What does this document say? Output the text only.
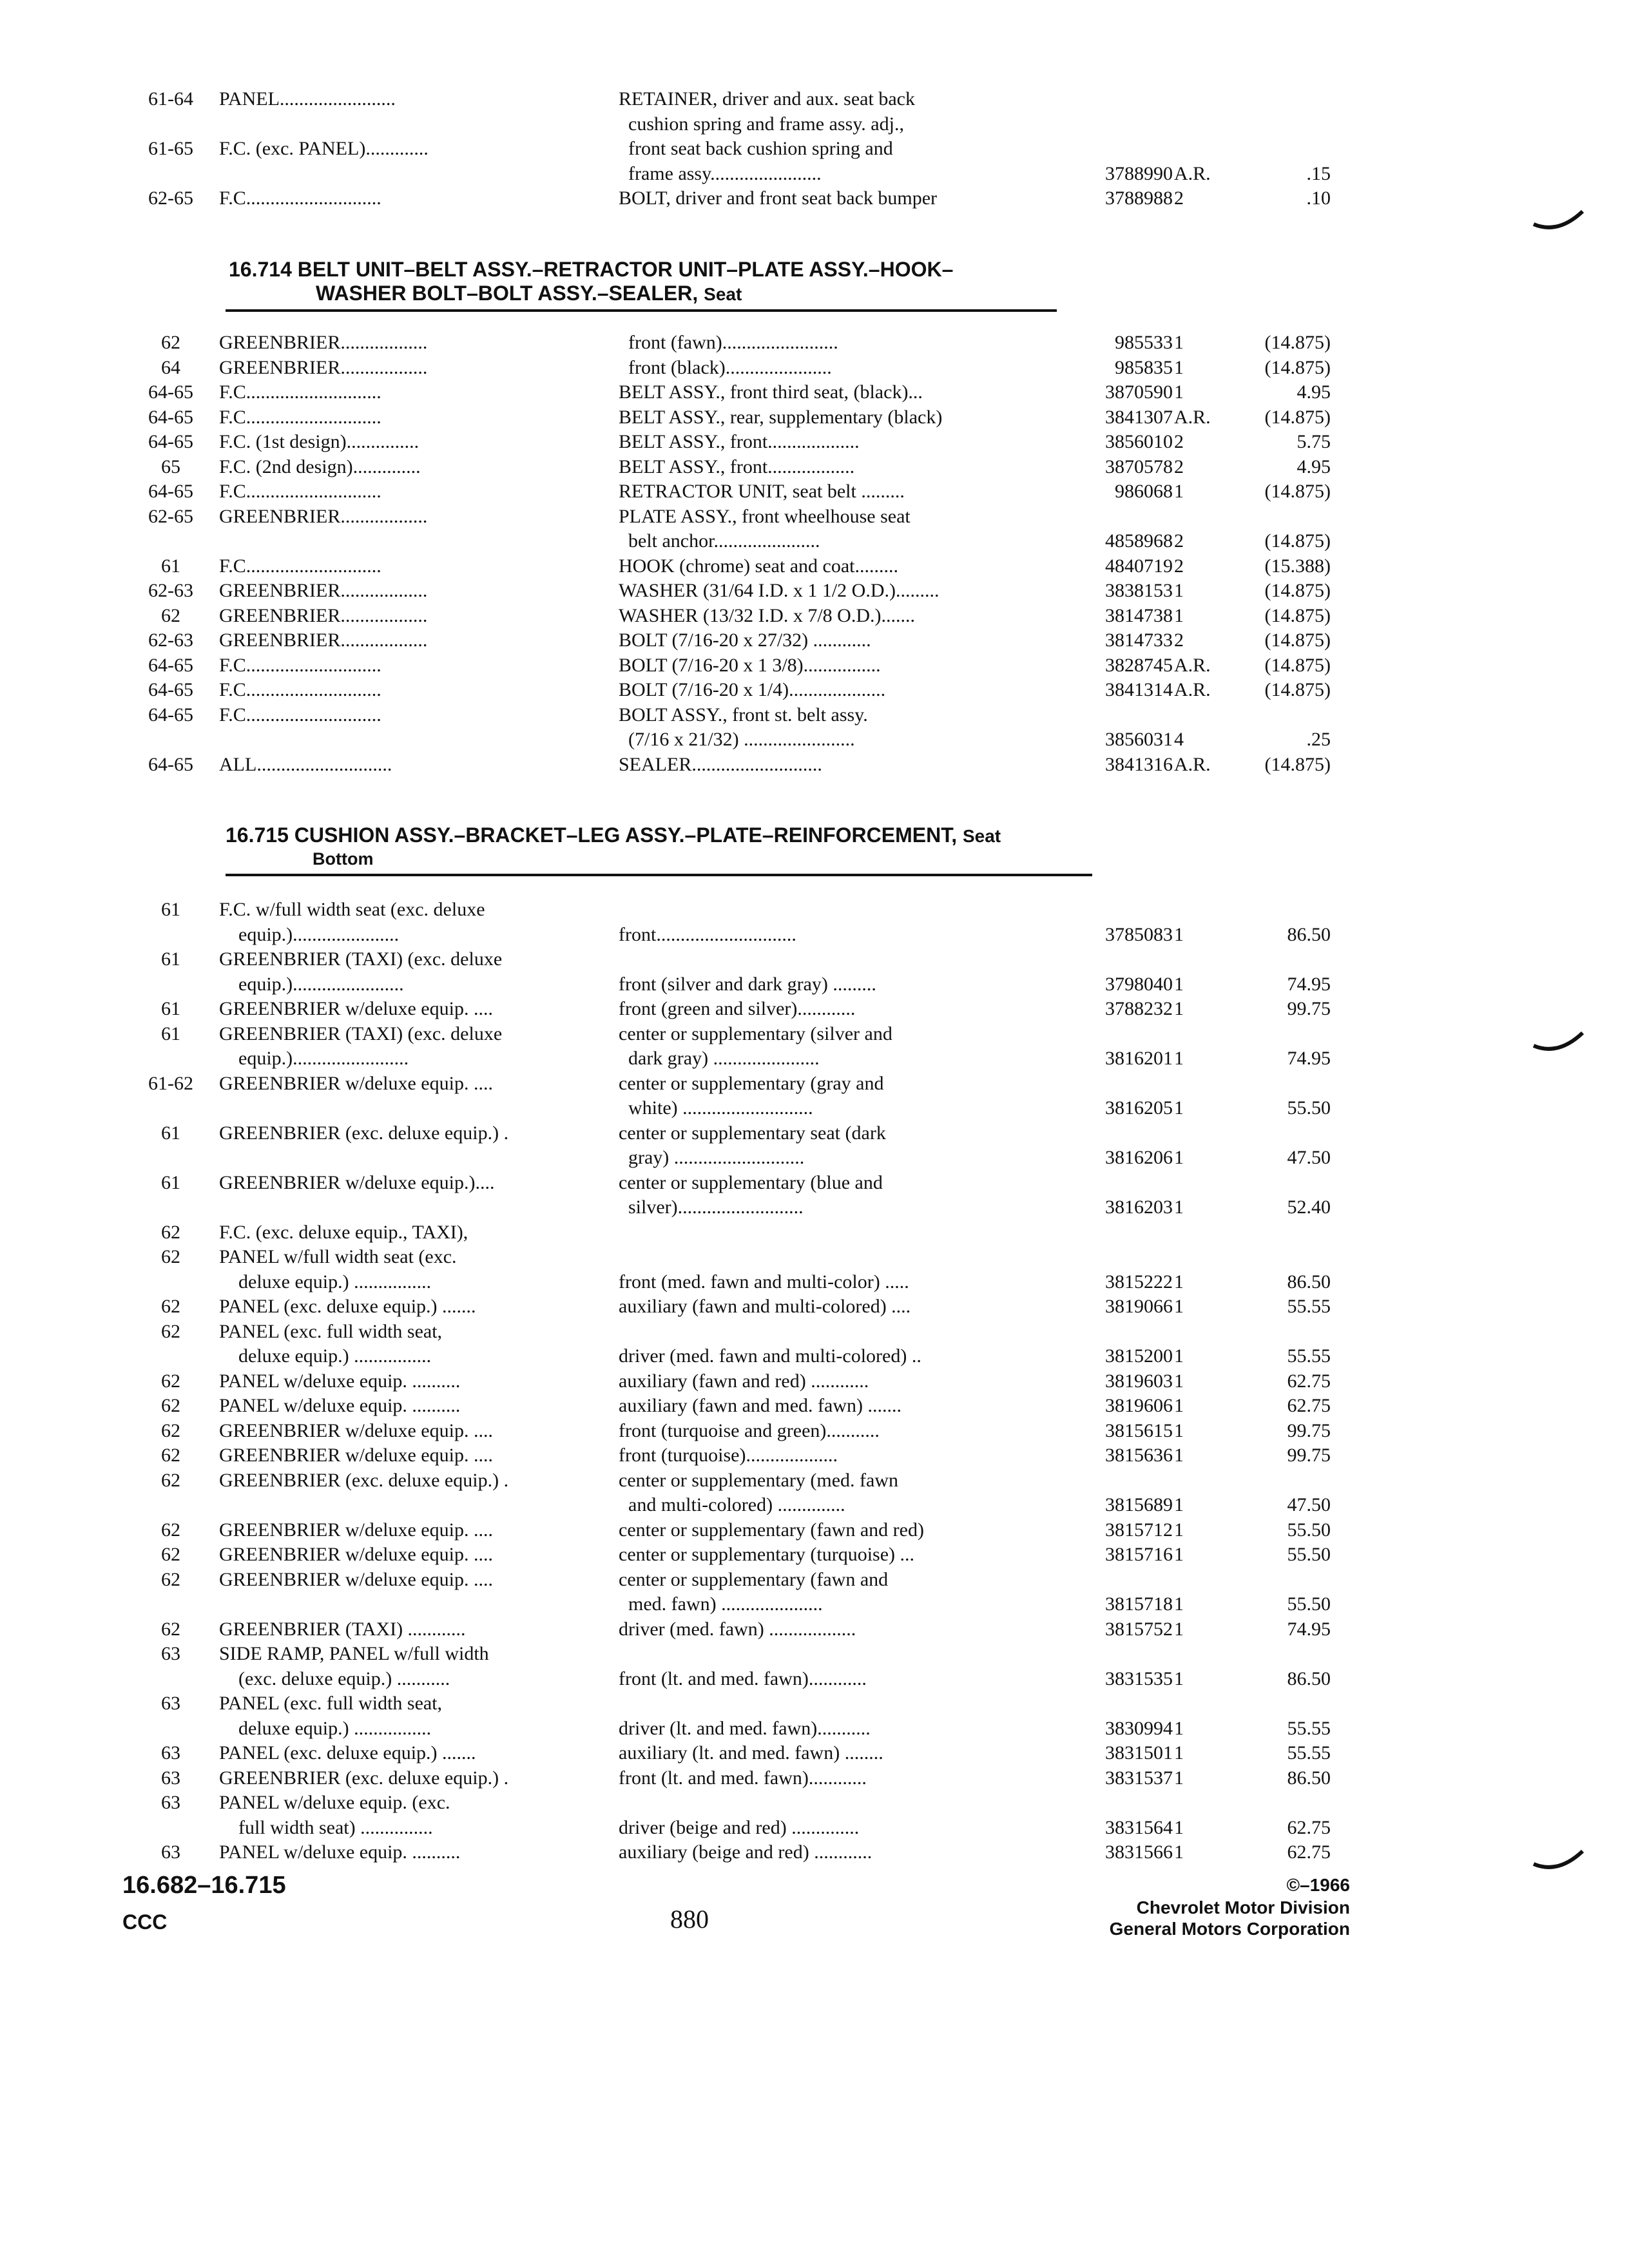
61-64	PANEL........................	RETAINER, driver and aux. seat back
cushion spring and frame assy. adj.,
61-65	F.C. (exc. PANEL).............	front seat back cushion spring and
frame assy.......................	3788990 A.R.	.15
62-65	F.C............................	BOLT, driver and front seat back bumper	3788988 2	.10
16.714 BELT UNIT–BELT ASSY.–RETRACTOR UNIT–PLATE ASSY.–HOOK–
WASHER BOLT–BOLT ASSY.–SEALER, Seat
62	GREENBRIER..................	front (fawn)........................	985533 1	(14.875)
64	GREENBRIER..................	front (black)......................	985835 1	(14.875)
64-65	F.C............................	BELT ASSY., front third seat, (black)...	3870590 1	4.95
64-65	F.C............................	BELT ASSY., rear, supplementary (black)	3841307 A.R.	(14.875)
64-65	F.C. (1st design)...............	BELT ASSY., front...................	3856010 2	5.75
65	F.C. (2nd design)..............	BELT ASSY., front..................	3870578 2	4.95
64-65	F.C............................	RETRACTOR UNIT, seat belt .........	986068 1	(14.875)
62-65	GREENBRIER..................	PLATE ASSY., front wheelhouse seat
belt anchor......................	4858968 2	(14.875)
61	F.C............................	HOOK (chrome) seat and coat.........	4840719 2	(15.388)
62-63	GREENBRIER..................	WASHER (31/64 I.D. x 1 1/2 O.D.).........	3838153 1	(14.875)
62	GREENBRIER..................	WASHER (13/32 I.D. x 7/8 O.D.).......	3814738 1	(14.875)
62-63	GREENBRIER..................	BOLT (7/16-20 x 27/32) ............	3814733 2	(14.875)
64-65	F.C............................	BOLT (7/16-20 x 1 3/8)................	3828745 A.R.	(14.875)
64-65	F.C............................	BOLT (7/16-20 x 1/4)....................	3841314 A.R.	(14.875)
64-65	F.C............................	BOLT ASSY., front st. belt assy.
(7/16 x 21/32) .......................	3856031 4	.25
64-65	ALL............................	SEALER...........................	3841316 A.R.	(14.875)
16.715 CUSHION ASSY.–BRACKET–LEG ASSY.–PLATE–REINFORCEMENT, Seat
Bottom
61	F.C. w/full width seat (exc. deluxe
equip.)......................	front.............................	3785083 1	86.50
61	GREENBRIER (TAXI) (exc. deluxe
equip.).......................	front (silver and dark gray) .........	3798040 1	74.95
61	GREENBRIER w/deluxe equip. ....	front (green and silver)............	3788232 1	99.75
61	GREENBRIER (TAXI) (exc. deluxe	center or supplementary (silver and
equip.)........................	dark gray) ......................	3816201 1	74.95
61-62	GREENBRIER w/deluxe equip. ....	center or supplementary (gray and
white) ...........................	3816205 1	55.50
61	GREENBRIER (exc. deluxe equip.) .	center or supplementary seat (dark
gray) ...........................	3816206 1	47.50
61	GREENBRIER w/deluxe equip.)....	center or supplementary (blue and
silver)..........................	3816203 1	52.40
62	F.C. (exc. deluxe equip., TAXI),
62	PANEL w/full width seat (exc.
deluxe equip.) ................	front (med. fawn and multi-color) .....	3815222 1	86.50
62	PANEL (exc. deluxe equip.) .......	auxiliary (fawn and multi-colored) ....	3819066 1	55.55
62	PANEL (exc. full width seat,
deluxe equip.) ................	driver (med. fawn and multi-colored) ..	3815200 1	55.55
62	PANEL w/deluxe equip. ..........	auxiliary (fawn and red) ............	3819603 1	62.75
62	PANEL w/deluxe equip. ..........	auxiliary (fawn and med. fawn) .......	3819606 1	62.75
62	GREENBRIER w/deluxe equip. ....	front (turquoise and green)...........	3815615 1	99.75
62	GREENBRIER w/deluxe equip. ....	front (turquoise)...................	3815636 1	99.75
62	GREENBRIER (exc. deluxe equip.) .	center or supplementary (med. fawn
and multi-colored) ..............	3815689 1	47.50
62	GREENBRIER w/deluxe equip. ....	center or supplementary (fawn and red)	3815712 1	55.50
62	GREENBRIER w/deluxe equip. ....	center or supplementary (turquoise) ...	3815716 1	55.50
62	GREENBRIER w/deluxe equip. ....	center or supplementary (fawn and
med. fawn) .....................	3815718 1	55.50
62	GREENBRIER (TAXI) ............	driver (med. fawn) ..................	3815752 1	74.95
63	SIDE RAMP, PANEL w/full width
(exc. deluxe equip.) ...........	front (lt. and med. fawn)............	3831535 1	86.50
63	PANEL (exc. full width seat,
deluxe equip.) ................	driver (lt. and med. fawn)...........	3830994 1	55.55
63	PANEL (exc. deluxe equip.) .......	auxiliary (lt. and med. fawn) ........	3831501 1	55.55
63	GREENBRIER (exc. deluxe equip.) .	front (lt. and med. fawn)............	3831537 1	86.50
63	PANEL w/deluxe equip. (exc.
full width seat) ...............	driver (beige and red) ..............	3831564 1	62.75
63	PANEL w/deluxe equip. ..........	auxiliary (beige and red) ............	3831566 1	62.75
16.682–16.715
CCC	880
©–1966
Chevrolet Motor Division
General Motors Corporation
